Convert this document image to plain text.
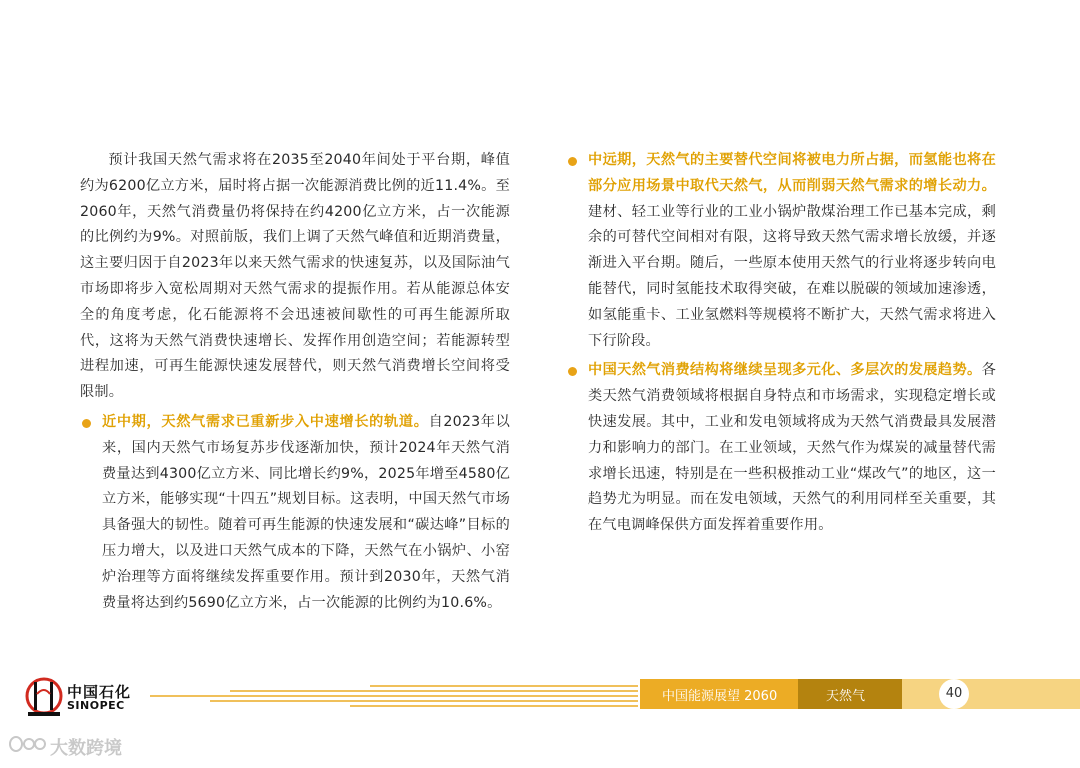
预计我国天然气需求将在2035至2040年间处于平台期，峰值约为6200亿立方米，届时将占据一次能源消费比例的近11.4%。至2060年，天然气消费量仍将保持在约4200亿立方米，占一次能源的比例约为9%。对照前版，我们上调了天然气峰值和近期消费量，这主要归因于自2023年以来天然气需求的快速复苏，以及国际油气市场即将步入宽松周期对天然气需求的提振作用。若从能源总体安全的角度考虑，化石能源将不会迅速被间歇性的可再生能源所取代，这将为天然气消费快速增长、发挥作用创造空间；若能源转型进程加速，可再生能源快速发展替代，则天然气消费增长空间将受限制。

近中期，天然气需求已重新步入中速增长的轨道。自2023年以来，国内天然气市场复苏步伐逐渐加快，预计2024年天然气消费量达到4300亿立方米、同比增长约9%，2025年增至4580亿立方米，能够实现“十四五”规划目标。这表明，中国天然气市场具备强大的韧性。随着可再生能源的快速发展和“碳达峰”目标的压力增大，以及进口天然气成本的下降，天然气在小锅炉、小窑炉治理等方面将继续发挥重要作用。预计到2030年，天然气消费量将达到约5690亿立方米，占一次能源的比例约为10.6%。
中远期，天然气的主要替代空间将被电力所占据，而氢能也将在部分应用场景中取代天然气，从而削弱天然气需求的增长动力。建材、轻工业等行业的工业小锅炉散煤治理工作已基本完成，剩余的可替代空间相对有限，这将导致天然气需求增长放缓，并逐渐进入平台期。随后，一些原本使用天然气的行业将逐步转向电能替代，同时氢能技术取得突破，在难以脱碳的领域加速渗透，如氢能重卡、工业氢燃料等规模将不断扩大，天然气需求将进入下行阶段。
中国天然气消费结构将继续呈现多元化、多层次的发展趋势。各类天然气消费领域将根据自身特点和市场需求，实现稳定增长或快速发展。其中，工业和发电领域将成为天然气消费最具发展潜力和影响力的部门。在工业领域，天然气作为煤炭的减量替代需求增长迅速，特别是在一些积极推动工业“煤改气”的地区，这一趋势尤为明显。而在发电领域，天然气的利用同样至关重要，其在气电调峰保供方面发挥着重要作用。
中国石化
SINOPEC
中国能源展望 2060	天然气	40
大数跨境
